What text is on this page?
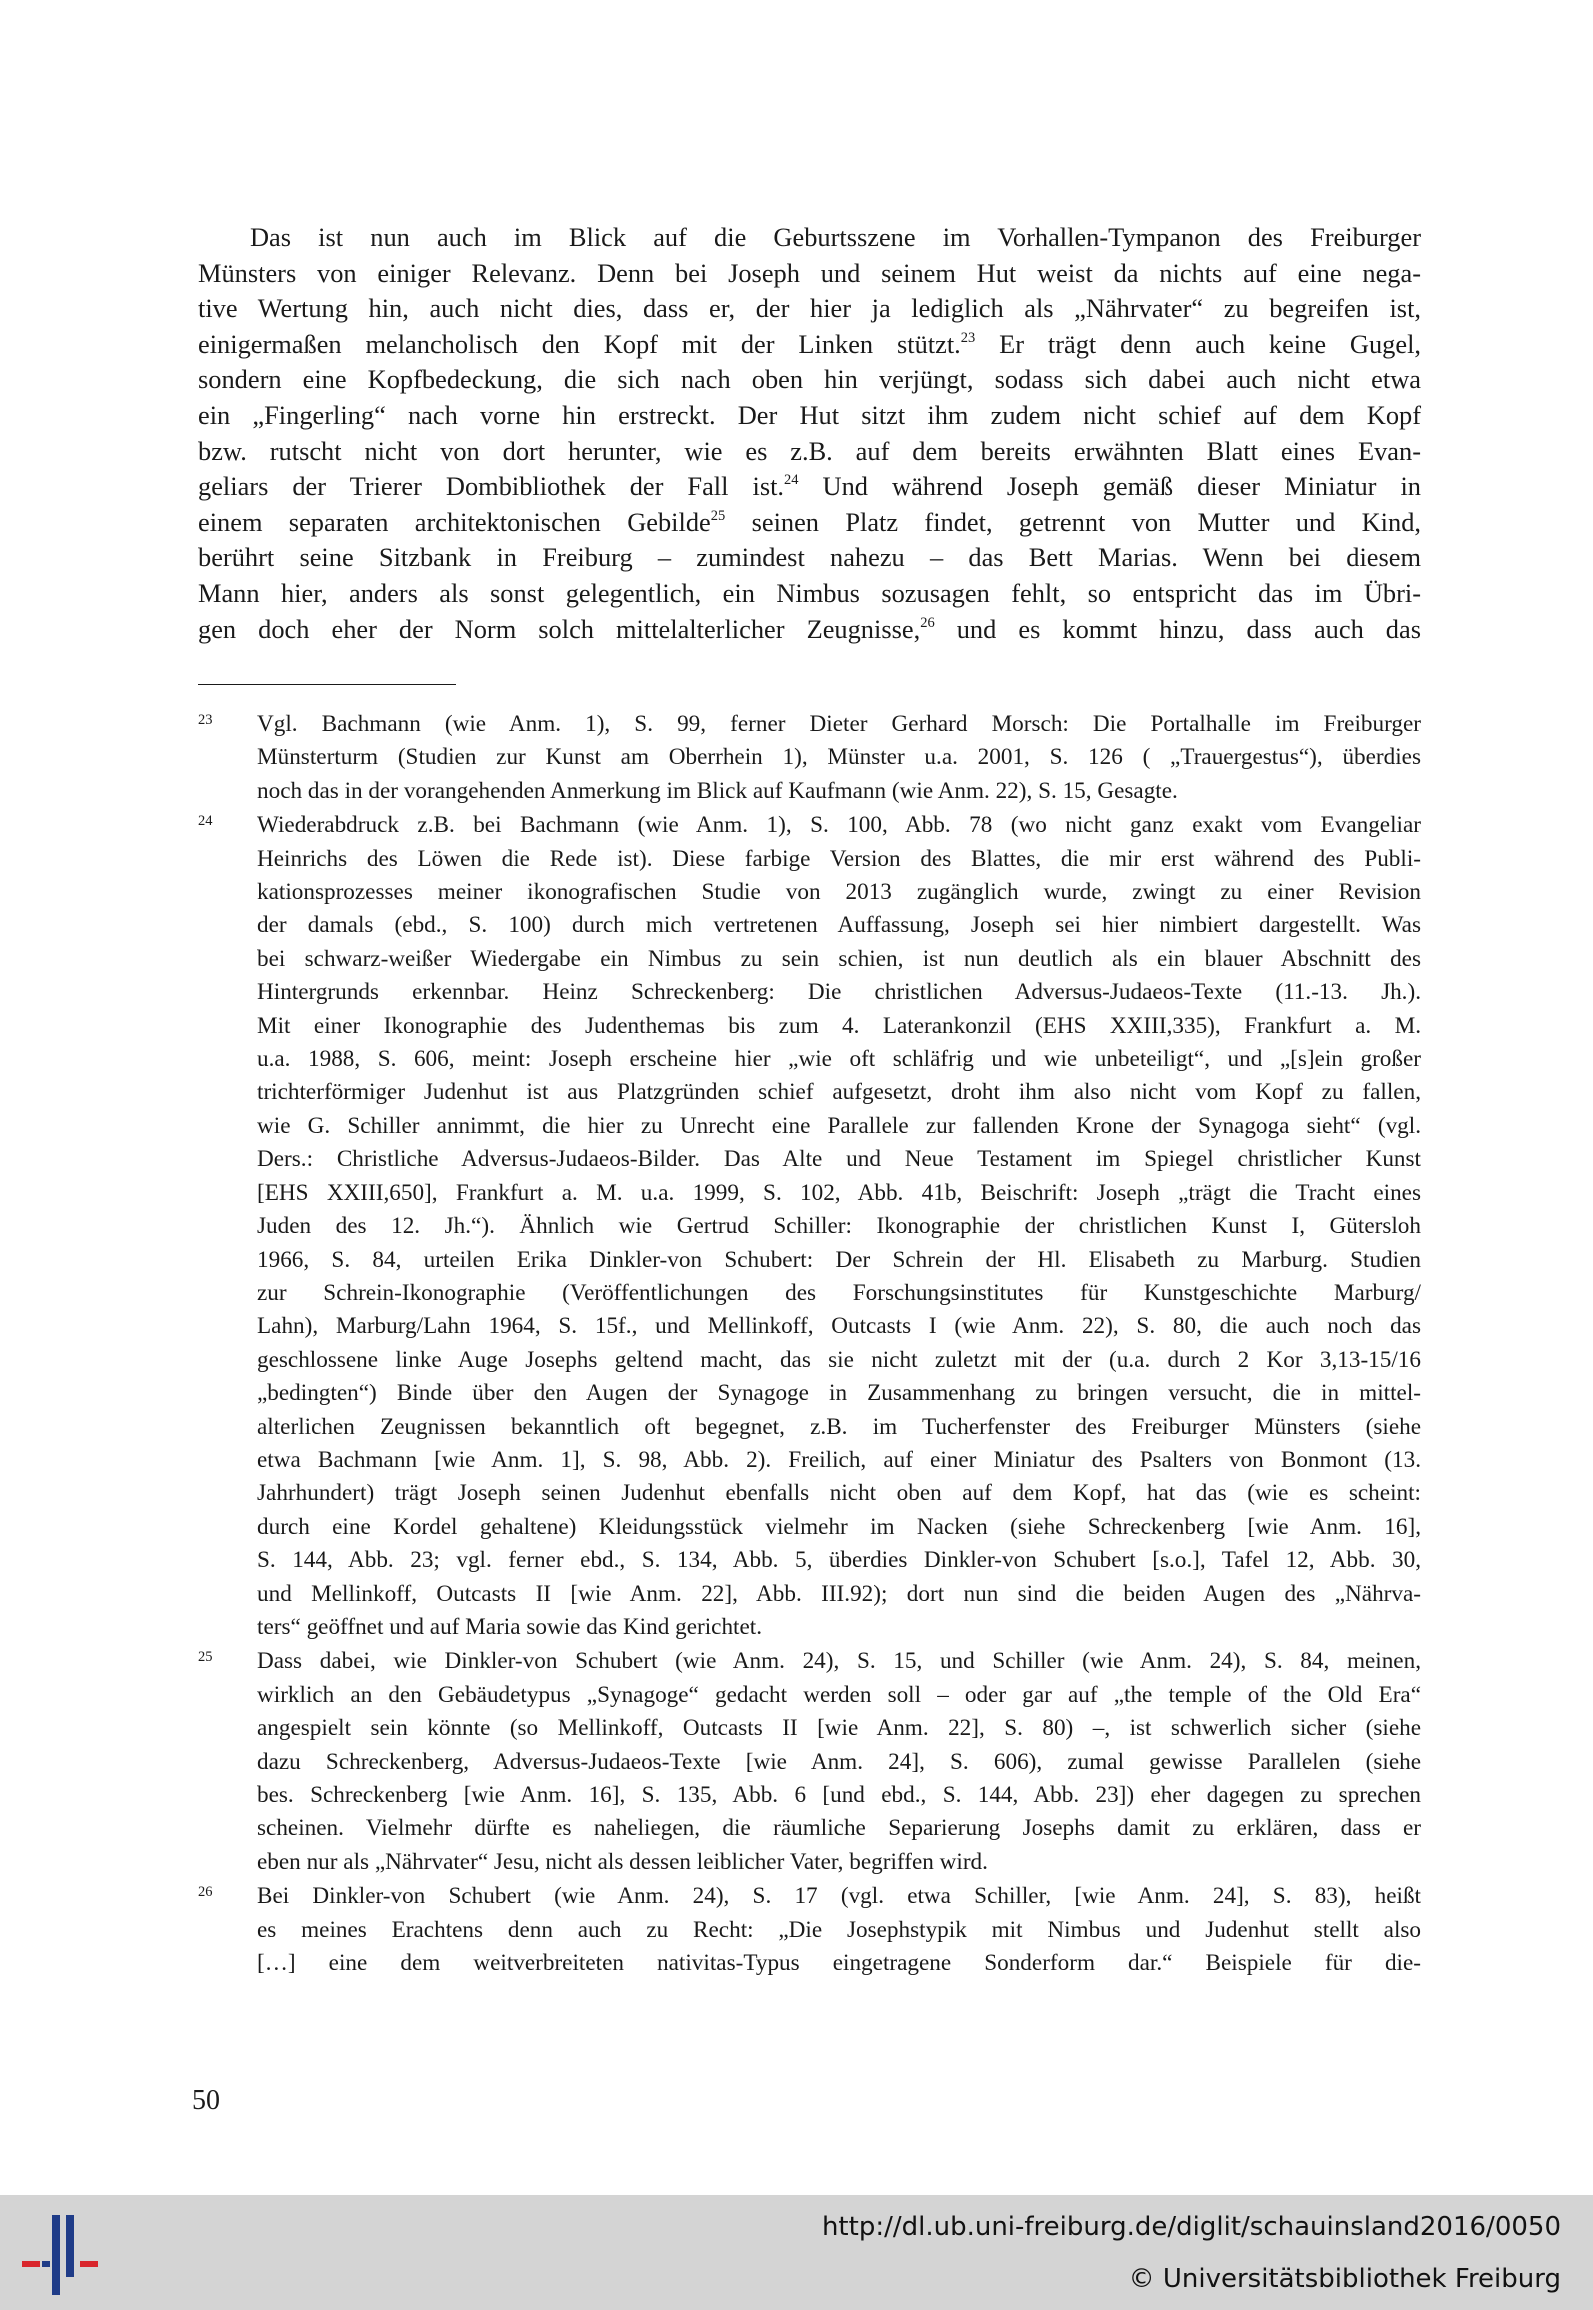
Das ist nun auch im Blick auf die Geburtsszene im Vorhallen-Tympanon des Freiburger
Münsters von einiger Relevanz. Denn bei Joseph und seinem Hut weist da nichts auf eine nega-
tive Wertung hin, auch nicht dies, dass er, der hier ja lediglich als „Nährvater“ zu begreifen ist,
einigermaßen melancholisch den Kopf mit der Linken stützt.$^{23}$ Er trägt denn auch keine Gugel,
sondern eine Kopfbedeckung, die sich nach oben hin verjüngt, sodass sich dabei auch nicht etwa
ein „Fingerling“ nach vorne hin erstreckt. Der Hut sitzt ihm zudem nicht schief auf dem Kopf
bzw. rutscht nicht von dort herunter, wie es z.B. auf dem bereits erwähnten Blatt eines Evan-
geliars der Trierer Dombibliothek der Fall ist.$^{24}$ Und während Joseph gemäß dieser Miniatur in
einem separaten architektonischen Gebilde$^{25}$ seinen Platz findet, getrennt von Mutter und Kind,
berührt seine Sitzbank in Freiburg – zumindest nahezu – das Bett Marias. Wenn bei diesem
Mann hier, anders als sonst gelegentlich, ein Nimbus sozusagen fehlt, so entspricht das im Übri-
gen doch eher der Norm solch mittelalterlicher Zeugnisse,$^{26}$ und es kommt hinzu, dass auch das
23 Vgl. Bachmann (wie Anm. 1), S. 99, ferner Dieter Gerhard Morsch: Die Portalhalle im Freiburger
Münsterturm (Studien zur Kunst am Oberrhein 1), Münster u.a. 2001, S. 126 ( „Trauergestus“), überdies
noch das in der vorangehenden Anmerkung im Blick auf Kaufmann (wie Anm. 22), S. 15, Gesagte.
24 Wiederabdruck z.B. bei Bachmann (wie Anm. 1), S. 100, Abb. 78 (wo nicht ganz exakt vom Evangeliar
Heinrichs des Löwen die Rede ist). Diese farbige Version des Blattes, die mir erst während des Publi-
kationsprozesses meiner ikonografischen Studie von 2013 zugänglich wurde, zwingt zu einer Revision
der damals (ebd., S. 100) durch mich vertretenen Auffassung, Joseph sei hier nimbiert dargestellt. Was
bei schwarz-weißer Wiedergabe ein Nimbus zu sein schien, ist nun deutlich als ein blauer Abschnitt des
Hintergrunds erkennbar. Heinz Schreckenberg: Die christlichen Adversus-Judaeos-Texte (11.-13. Jh.).
Mit einer Ikonographie des Judenthemas bis zum 4. Laterankonzil (EHS XXIII,335), Frankfurt a. M.
u.a. 1988, S. 606, meint: Joseph erscheine hier „wie oft schläfrig und wie unbeteiligt“, und „[s]ein großer
trichterförmiger Judenhut ist aus Platzgründen schief aufgesetzt, droht ihm also nicht vom Kopf zu fallen,
wie G. Schiller annimmt, die hier zu Unrecht eine Parallele zur fallenden Krone der Synagoga sieht“ (vgl.
Ders.: Christliche Adversus-Judaeos-Bilder. Das Alte und Neue Testament im Spiegel christlicher Kunst
[EHS XXIII,650], Frankfurt a. M. u.a. 1999, S. 102, Abb. 41b, Beischrift: Joseph „trägt die Tracht eines
Juden des 12. Jh.“). Ähnlich wie Gertrud Schiller: Ikonographie der christlichen Kunst I, Gütersloh
1966, S. 84, urteilen Erika Dinkler-von Schubert: Der Schrein der Hl. Elisabeth zu Marburg. Studien
zur Schrein-Ikonographie (Veröffentlichungen des Forschungsinstitutes für Kunstgeschichte Marburg/
Lahn), Marburg/Lahn 1964, S. 15f., und Mellinkoff, Outcasts I (wie Anm. 22), S. 80, die auch noch das
geschlossene linke Auge Josephs geltend macht, das sie nicht zuletzt mit der (u.a. durch 2 Kor 3,13-15/16
„bedingten“) Binde über den Augen der Synagoge in Zusammenhang zu bringen versucht, die in mittel-
alterlichen Zeugnissen bekanntlich oft begegnet, z.B. im Tucherfenster des Freiburger Münsters (siehe
etwa Bachmann [wie Anm. 1], S. 98, Abb. 2). Freilich, auf einer Miniatur des Psalters von Bonmont (13.
Jahrhundert) trägt Joseph seinen Judenhut ebenfalls nicht oben auf dem Kopf, hat das (wie es scheint:
durch eine Kordel gehaltene) Kleidungsstück vielmehr im Nacken (siehe Schreckenberg [wie Anm. 16],
S. 144, Abb. 23; vgl. ferner ebd., S. 134, Abb. 5, überdies Dinkler-von Schubert [s.o.], Tafel 12, Abb. 30,
und Mellinkoff, Outcasts II [wie Anm. 22], Abb. III.92); dort nun sind die beiden Augen des „Nährva-
ters“ geöffnet und auf Maria sowie das Kind gerichtet.
25 Dass dabei, wie Dinkler-von Schubert (wie Anm. 24), S. 15, und Schiller (wie Anm. 24), S. 84, meinen,
wirklich an den Gebäudetypus „Synagoge“ gedacht werden soll – oder gar auf „the temple of the Old Era“
angespielt sein könnte (so Mellinkoff, Outcasts II [wie Anm. 22], S. 80) –, ist schwerlich sicher (siehe
dazu Schreckenberg, Adversus-Judaeos-Texte [wie Anm. 24], S. 606), zumal gewisse Parallelen (siehe
bes. Schreckenberg [wie Anm. 16], S. 135, Abb. 6 [und ebd., S. 144, Abb. 23]) eher dagegen zu sprechen
scheinen. Vielmehr dürfte es naheliegen, die räumliche Separierung Josephs damit zu erklären, dass er
eben nur als „Nährvater“ Jesu, nicht als dessen leiblicher Vater, begriffen wird.
26 Bei Dinkler-von Schubert (wie Anm. 24), S. 17 (vgl. etwa Schiller, [wie Anm. 24], S. 83), heißt
es meines Erachtens denn auch zu Recht: „Die Josephstypik mit Nimbus und Judenhut stellt also
[…] eine dem weitverbreiteten nativitas-Typus eingetragene Sonderform dar.“ Beispiele für die-
50
http://dl.ub.uni-freiburg.de/diglit/schauinsland2016/0050
© Universitätsbibliothek Freiburg
